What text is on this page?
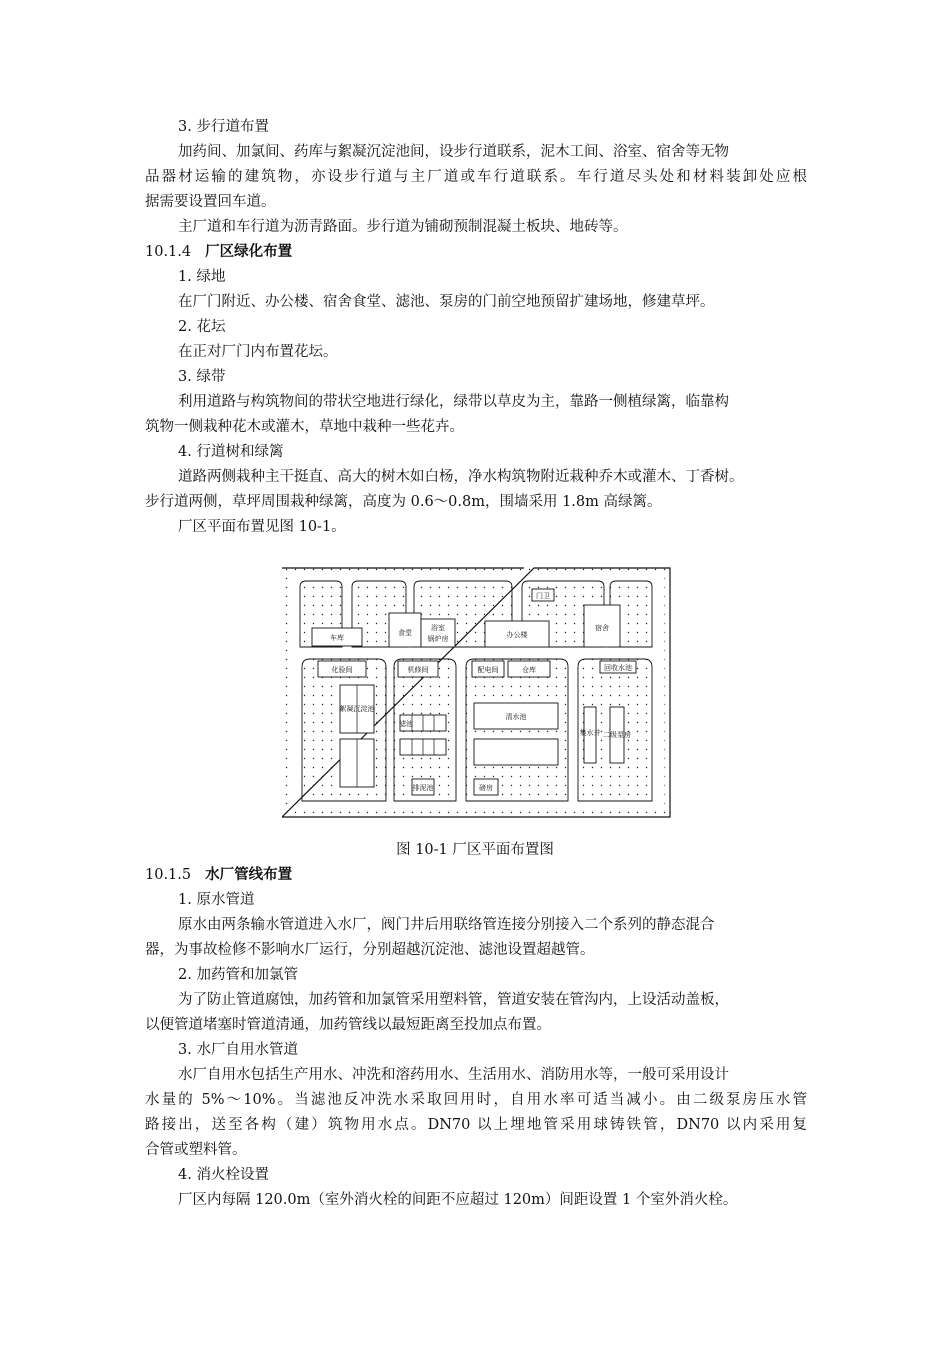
3. 步行道布置
加药间、加氯间、药库与絮凝沉淀池间，设步行道联系，泥木工间、浴室、宿舍等无物
品器材运输的建筑物，亦设步行道与主厂道或车行道联系。车行道尽头处和材料装卸处应根
据需要设置回车道。
主厂道和车行道为沥青路面。步行道为铺砌预制混凝土板块、地砖等。
10.1.4 厂区绿化布置
1. 绿地
在厂门附近、办公楼、宿舍食堂、滤池、泵房的门前空地预留扩建场地，修建草坪。
2. 花坛
在正对厂门内布置花坛。
3. 绿带
利用道路与构筑物间的带状空地进行绿化，绿带以草皮为主，靠路一侧植绿篱，临靠构
筑物一侧栽种花木或灌木，草地中栽种一些花卉。
4. 行道树和绿篱
道路两侧栽种主干挺直、高大的树木如白杨，净水构筑物附近栽种乔木或灌木、丁香树。
步行道两侧，草坪周围栽种绿篱，高度为 0.6～0.8m，围墙采用 1.8m 高绿篱。
厂区平面布置见图 10-1。
门卫
车库
食堂
浴室
锅炉房	办公楼
宿舍
化验间
絮凝沉淀池
机修间
滤池
排泥池
配电间	仓库
清水池
磅房
回收水池
集水井 二级泵房
图 10-1 厂区平面布置图
10.1.5 水厂管线布置
1. 原水管道
原水由两条输水管道进入水厂，阀门井后用联络管连接分别接入二个系列的静态混合
器，为事故检修不影响水厂运行，分别超越沉淀池、滤池设置超越管。
2. 加药管和加氯管
为了防止管道腐蚀，加药管和加氯管采用塑料管，管道安装在管沟内，上设活动盖板，
以便管道堵塞时管道清通，加药管线以最短距离至投加点布置。
3. 水厂自用水管道
水厂自用水包括生产用水、冲洗和溶药用水、生活用水、消防用水等，一般可采用设计
水量的 5%～10%。当滤池反冲洗水采取回用时，自用水率可适当减小。由二级泵房压水管
路接出，送至各构（建）筑物用水点。DN70 以上埋地管采用球铸铁管，DN70 以内采用复
合管或塑料管。
4. 消火栓设置
厂区内每隔 120.0m（室外消火栓的间距不应超过 120m）间距设置 1 个室外消火栓。
